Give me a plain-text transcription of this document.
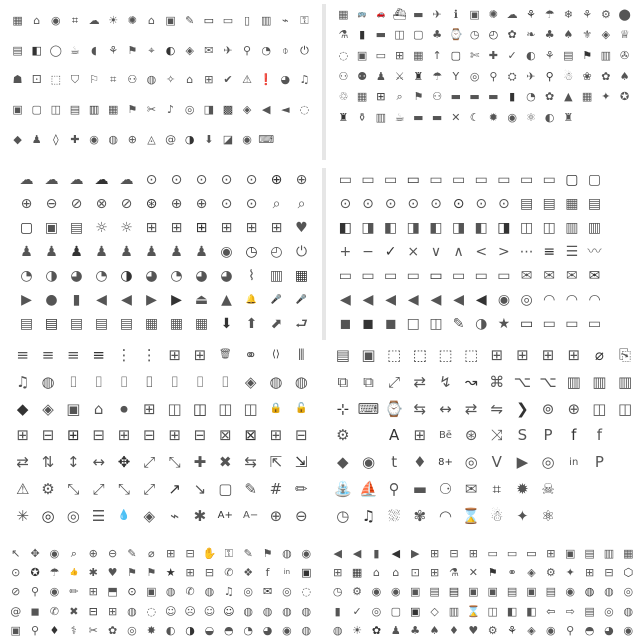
▦ ⌂ ◉	⌗ ☁ ☀ ✺	⌂ ▣ ✎ ▭ ▭ ▯ ▥ ⌁	⚿
▤ ◧ ◯ ☕	◖	⚘ ⚑	⌖	◐ ◈ ✉ ✈ ⚲ ◔	⌽	⏻
☗ ⚀ ⬚ ⛉ ⚐	⌗	⚇ ◍ ✧	⌂	⊞ ✔ ⚠ ❗ ◕ ♫
▣ ▢ ◫ ▤ ▥ ▦ ⚑ ✂	♪ ◎ ◨ ▩ ◈ ◀ ◄ ◌
◆ ♟	◊	✚ ◉ ◍ ⊕ ◬ @ ◑ ⬇ ◪ ◉ ⌨
▦	🚌	🚗 ⛴ ▬ ✈	ℹ	▣ ✺ ☁ ⚘ ☂ ❄ ⚘ ⚙ ⬤
⚗ ▮ ▬ ◫ ▢ ♣ ⌚ ◷ ◴ ✿ ❧ ♣ ♠ ⚜ ◈ ♕
◌ ▣ ▭ ⊞ ▦ ↑ ▢ ✄ ✚ ✓ ◐ ⚘ ▤ ⚑ ▥ ✇
⚇ ⚉ ♟ ⚔ ♜ ☂ Y ◎ ⚲ ⛭ ✈ ⚲ ☃ ❀ ✿ ♠
♲ ▦ ⊞	⌕ ⚑ ⚇ ▬ ▬ ▬ ▮ ◔ ✿ ▲ ▦ ✦ ✪
♜ ⚱ ▥ ☕ ▬ ▬ ✕ ☾ ✹ ◉ ⚛ ◐ ♜
☁ ☁ ☁ ☁ ☁ ⊙ ⊙ ⊙ ⊙ ⊙ ⊕ ⊕
⊕ ⊖ ⊘ ⊗ ⊘ ⊛ ⊕ ⊕ ⊙ ⊙	⌕	⌕
▢ ▣ ▤ ☼ ☼ ⊞ ⊞ ⊞ ⊞ ⊞ ⊞ ♥
♟ ♟ ♟ ♟ ♟ ♟ ♟ ♟ ◉ ◷ ◴ ⏻
◔ ◑ ◕ ◔ ◑ ◕ ◔ ◕ ◕	⌇	▥ ▦
▶ ●	▮	◀	◀	▶	▶ ⏏ ▲	🔔	🎤	🎤
▤ ▤ ▤ ▤ ▤ ▦ ▦ ▦ ⬇ ⬆ ⬈ ⮐
▭ ▭ ▭ ▭ ▭ ▭ ▭ ▭ ▭ ▭ ▢ ▢
⊙ ⊙ ⊙ ⊙ ⊙ ⊙ ⊙ ⊙ ▤ ▤ ▦ ▤
◧ ◨ ◧ ◨ ◧ ◨ ◧ ◨ ◫ ◫ ▥ ▥
+ − ✓ × ∨ ∧ < > ⋯ ≡ ☰ 〰
▭ ▭ ▭ ▭ ▭ ▭ ▭ ▭ ✉ ✉ ✉ ✉
◀ ◀ ◀ ◀ ◀ ◀ ◀ ◉ ◎ ◠ ◠ ◠
◼ ◼ ◼ □ ◫ ✎ ◑ ★ ▭ ▭ ▭ ▭
≡ ≡ ≡ ≡ ⋮ ⋮ ⊞ ⊞	🗑 ⚭	⟨⟩	⦀
♫ ◍ ⌷	⌷	⌷	⌷	⌷	⌷	⌷	◈ ◍ ◍
◆ ◈ ▣ ⌂	⏺	⊞ ◫ ◫ ◫ ◫	🔒	🔓
⊞ ⊟ ⊞ ⊟ ⊞ ⊟ ⊞ ⊟ ⊠ ⊠ ⊞ ⊟
⇄ ⇅ ↕ ↔ ✥ ⤢ ⤡ ✚ ✖ ⇆ ⇱ ⇲
⚠ ⚙ ⤡ ⤢ ⤡ ⤢ ↗ ↘ ▢ ✎ # ✏
✳ ◎ ◎ ☰	💧 ◈	⌁ ✱	A+	A− ⊕ ⊖
▤ ▣ ⬚ ⬚ ⬚ ⬚ ⊞ ⊞ ⊞ ⊞ ⌀	⎘
⧉ ⧉ ⤢ ⇄ ↯ ↝ ⌘ ⌥ ⌥ ▥ ▥ ▥
⊹ ⌨ ⌚ ⇆ ↔ ⇄ ⇋ ❯ ⊚ ⊕ ◫ ◫
⚙	A ⊞	Bē ⊛ ⤨ S	P	f	f
◆ ◉	t	♦	8+ ◎ V ▶ ◎	in	P
⛲ ⛵ ⚲ ▬ ⚆ ✉	⌗	✹ ☠
◷ ♫ ⛆ ✾ ◠ ⌛ ☃ ✦ ⚛
↖ ✥ ◉	⌕	⊕ ⊖ ✎	⌀	⊞ ⊟ ✋ ⚿ ✎ ⚑ ◍ ◉
⊙ ✪ ☂	👍 ✱ ♥ ⚑ ⚑ ★ ⊞ ⊟ ✆ ❖	f	in ▣
⊘ ⚲ ◉ ✏ ⊞ ⬒ ⊙ ▣ ◍ ✆ ◍ ♫ ◎ ✉ ◎ ◌
@ ◼ ✆ ✖ ⊟ ⊞ ◍ ◌ ☺ ☹ ☺ ☺ ◍ ◍ ◍ ◍
▣ ⚲ ♦	⚕	✂ ✿ ◎ ✸ ◐ ◑ ◒ ◓ ◔ ◕ ◉ ◍
◀ ◀	▮	◀ ▶ ⊞ ⊟ ⊞ ▭ ▭ ▭ ⊞ ▣ ▤ ▥ ▦
⊞ ▦ ⌂	⌂	⊡ ⊞ ⚗ ✕ ⚑ ⚭ ◈ ⚙ ✦ ⊞ ⊟ ⬡
◷ ⚙ ◉ ◉ ▣ ▤ ▤ ▣ ▣ ▤ ▣ ▤ ◉ ◍ ◍ ◎
▮	✓ ◎ ▢ ▣ ◇ ▥ ⌛ ◫ ◧ ◧ ⇦ ⇨ ▤ ◎ ◍
◍ ☀ ✿ ♟ ♣ ♠ ♦ ♥ ⚙ ⚘ ◈ ◉ ⚲ ◓ ◕ ◉
